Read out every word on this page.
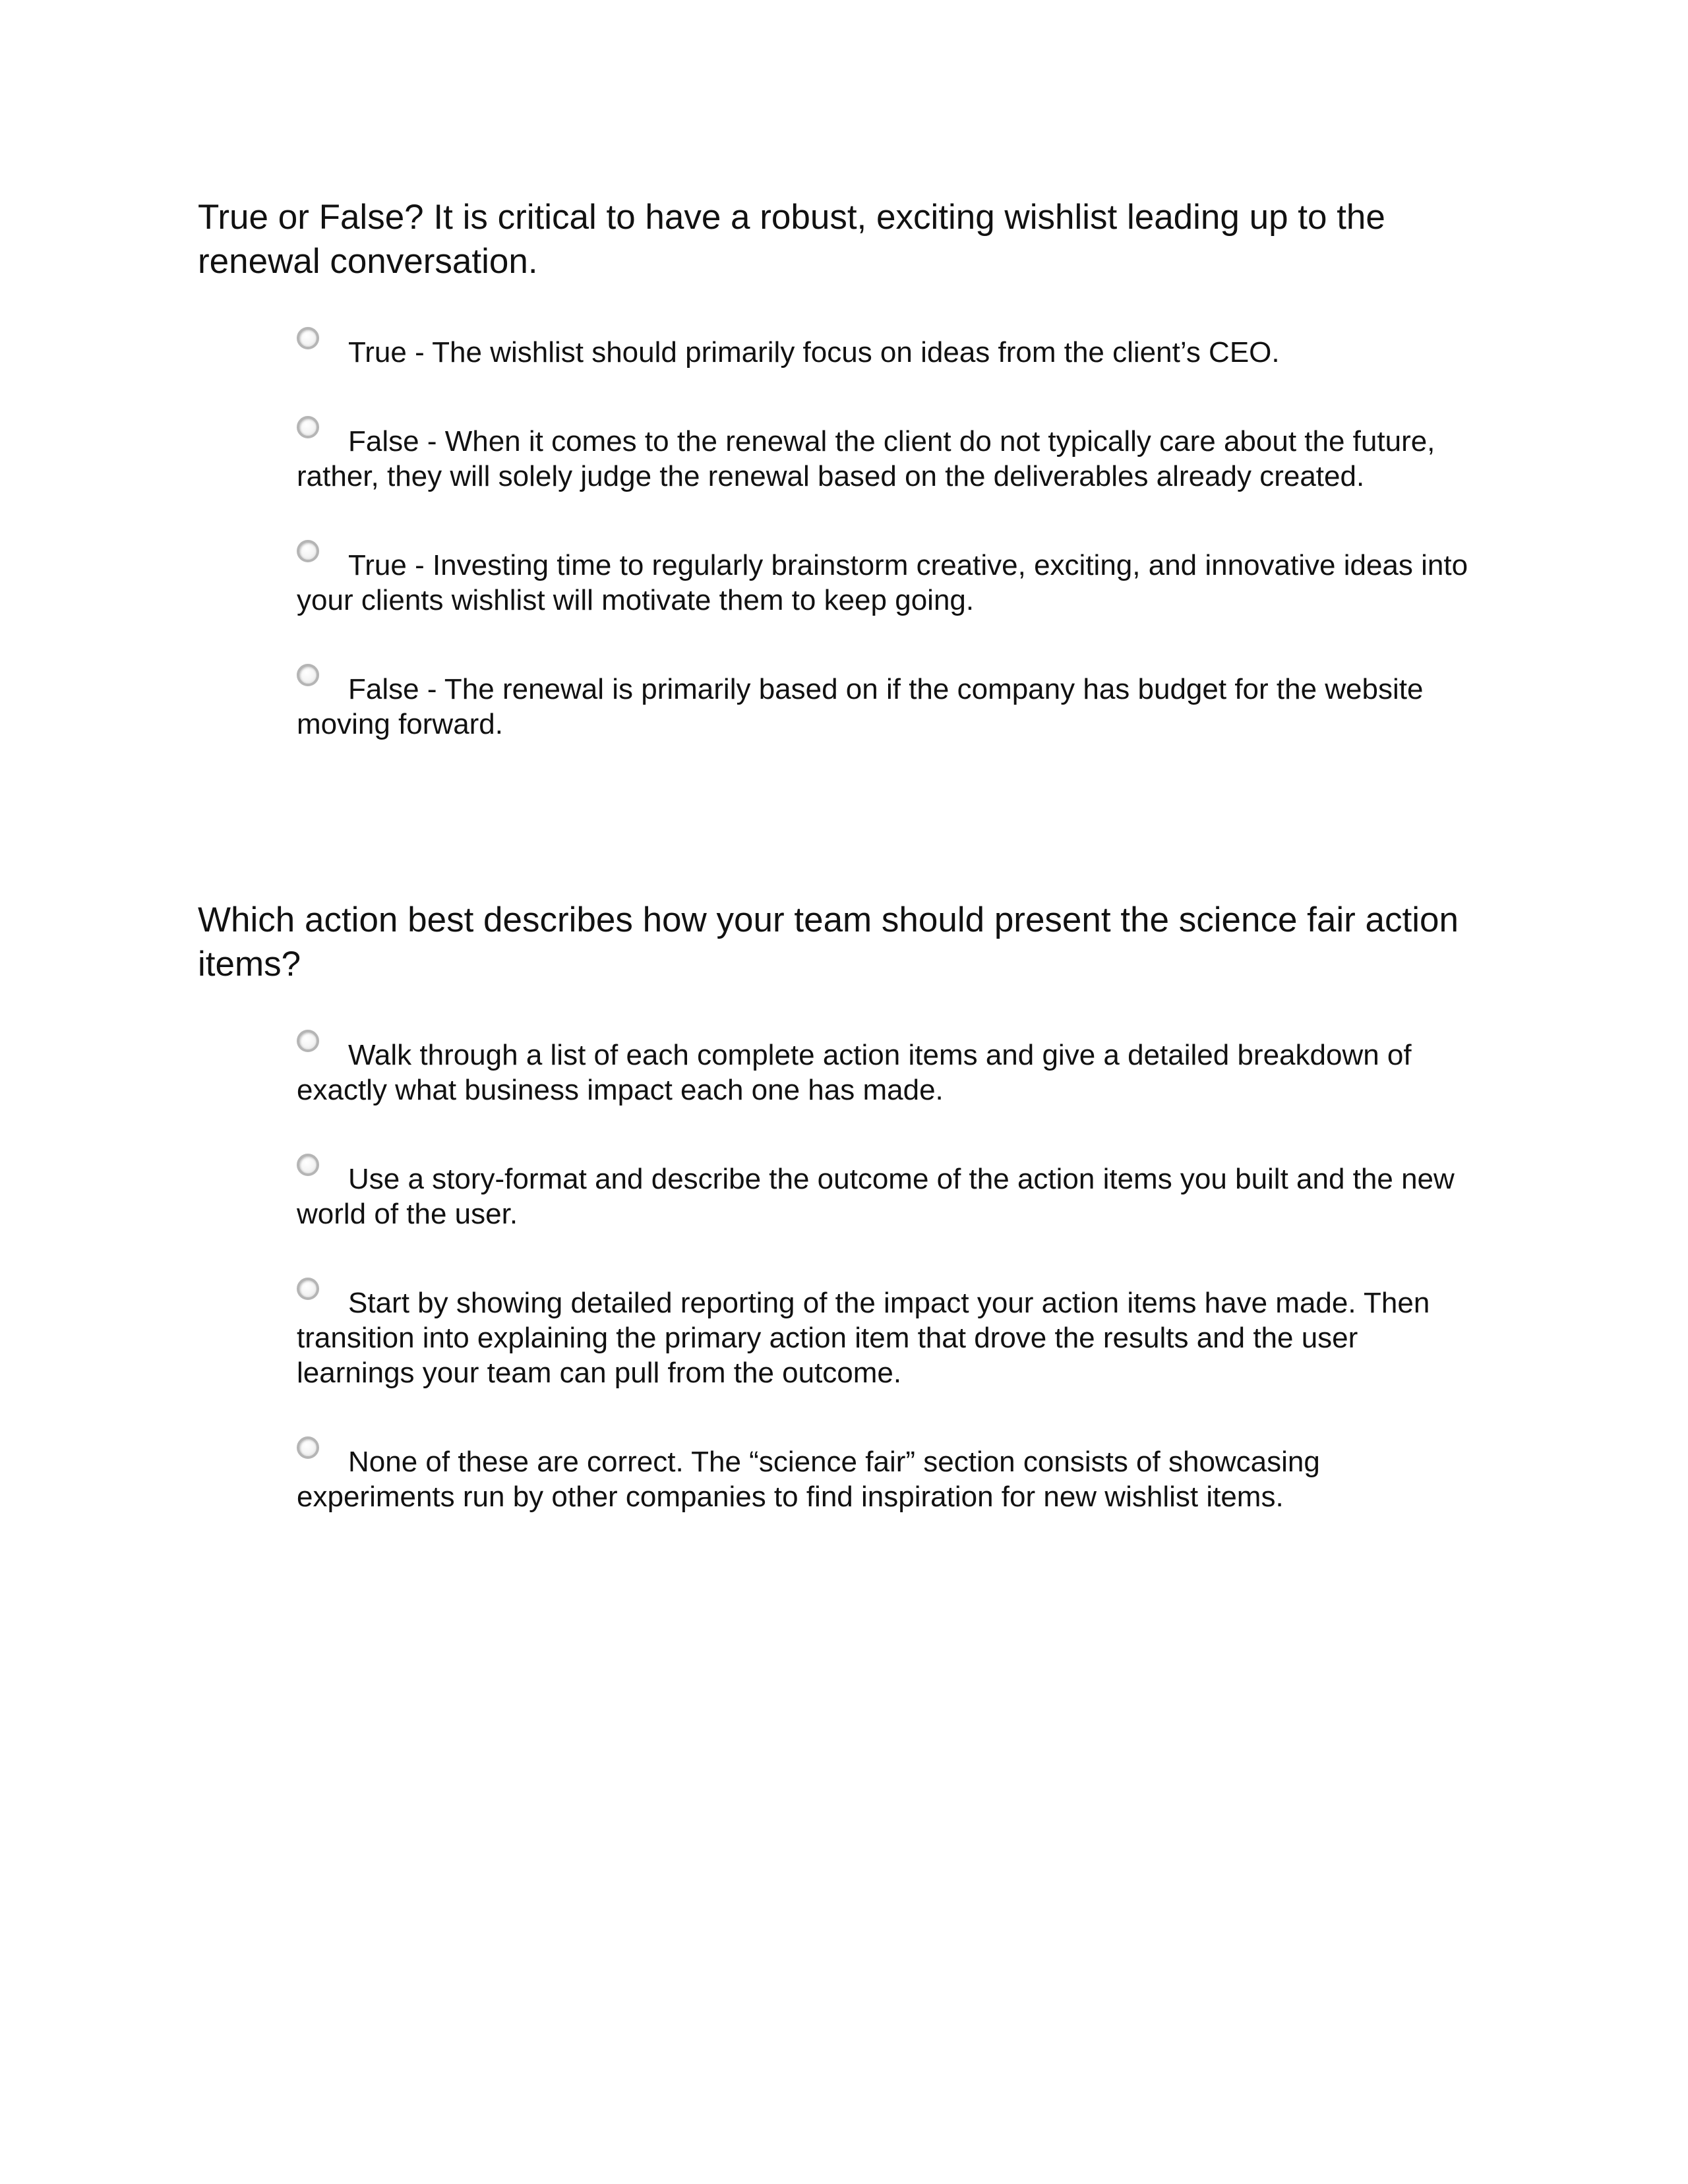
True or False? It is critical to have a robust, exciting wishlist leading up to the renewal conversation.

True - The wishlist should primarily focus on ideas from the client’s CEO.
False - When it comes to the renewal the client do not typically care about the future, rather, they will solely judge the renewal based on the deliverables already created.
True - Investing time to regularly brainstorm creative, exciting, and innovative ideas into your clients wishlist will motivate them to keep going.
False - The renewal is primarily based on if the company has budget for the website moving forward.

Which action best describes how your team should present the science fair action items?

Walk through a list of each complete action items and give a detailed breakdown of exactly what business impact each one has made.
Use a story-format and describe the outcome of the action items you built and the new world of the user.
Start by showing detailed reporting of the impact your action items have made. Then transition into explaining the primary action item that drove the results and the user learnings your team can pull from the outcome.
None of these are correct. The “science fair” section consists of showcasing experiments run by other companies to find inspiration for new wishlist items.
